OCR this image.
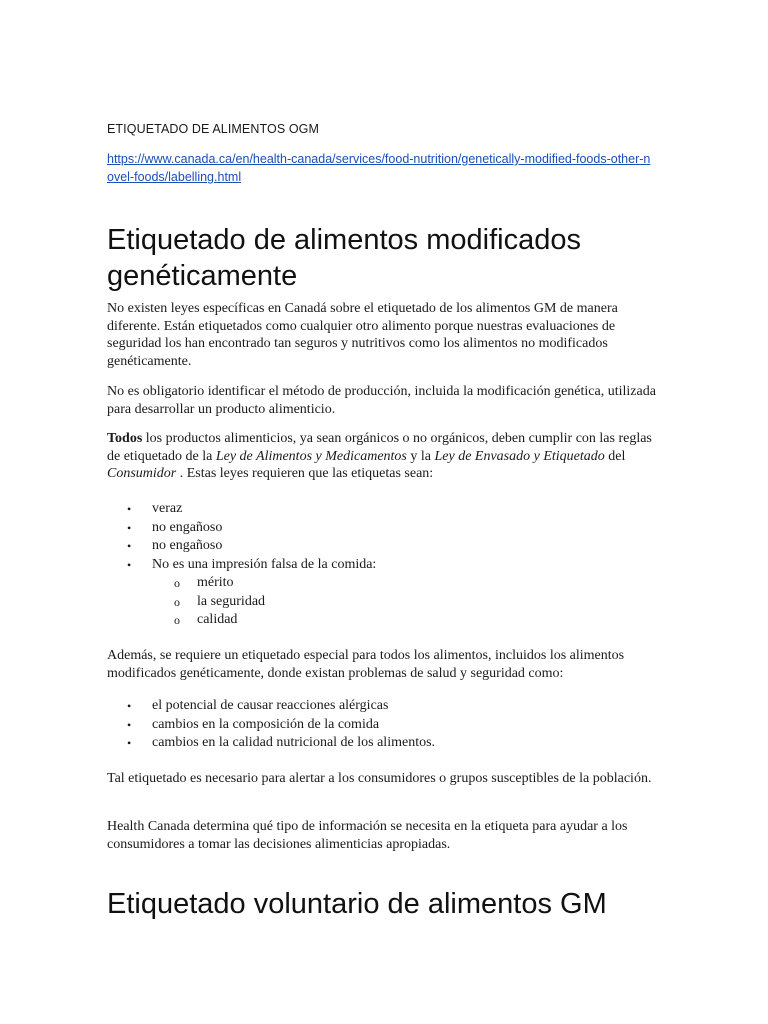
ETIQUETADO DE ALIMENTOS OGM
https://www.canada.ca/en/health-canada/services/food-nutrition/genetically-modified-foods-other-novel-foods/labelling.html
Etiquetado de alimentos modificados genéticamente

No existen leyes específicas en Canadá sobre el etiquetado de los alimentos GM de manera diferente. Están etiquetados como cualquier otro alimento porque nuestras evaluaciones de seguridad los han encontrado tan seguros y nutritivos como los alimentos no modificados genéticamente.

No es obligatorio identificar el método de producción, incluida la modificación genética, utilizada para desarrollar un producto alimenticio.

Todos los productos alimenticios, ya sean orgánicos o no orgánicos, deben cumplir con las reglas de etiquetado de la Ley de Alimentos y Medicamentos y la Ley de Envasado y Etiquetado del Consumidor . Estas leyes requieren que las etiquetas sean:

• veraz
• no engañoso
• no engañoso
• No es una impresión falsa de la comida:
o mérito
o la seguridad
o calidad

Además, se requiere un etiquetado especial para todos los alimentos, incluidos los alimentos modificados genéticamente, donde existan problemas de salud y seguridad como:

• el potencial de causar reacciones alérgicas
• cambios en la composición de la comida
• cambios en la calidad nutricional de los alimentos.

Tal etiquetado es necesario para alertar a los consumidores o grupos susceptibles de la población.

Health Canada determina qué tipo de información se necesita en la etiqueta para ayudar a los consumidores a tomar las decisiones alimenticias apropiadas.

Etiquetado voluntario de alimentos GM
